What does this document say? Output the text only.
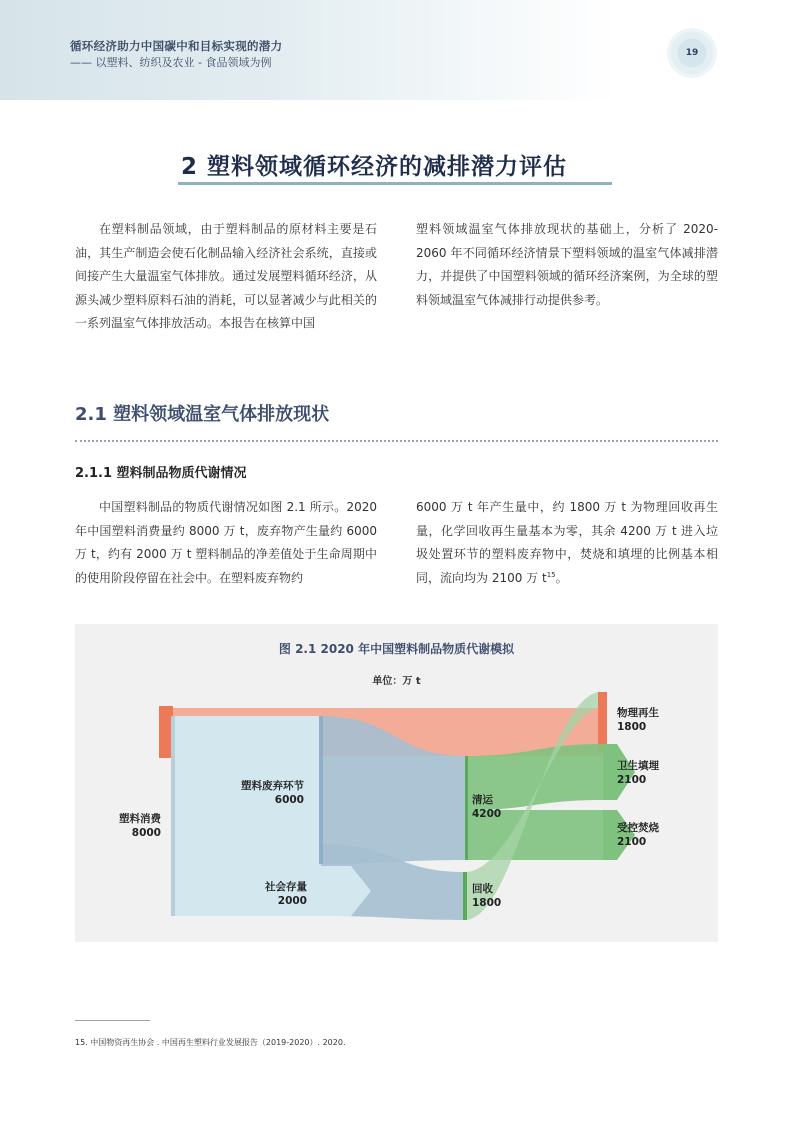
循环经济助力中国碳中和目标实现的潜力
—— 以塑料、纺织及农业 - 食品领域为例
19
2 塑料领域循环经济的减排潜力评估

在塑料制品领域，由于塑料制品的原材料主要是石油，其生产制造会使石化制品输入经济社会系统，直接或间接产生大量温室气体排放。通过发展塑料循环经济，从源头减少塑料原料石油的消耗，可以显著减少与此相关的一系列温室气体排放活动。本报告在核算中国

塑料领域温室气体排放现状的基础上，分析了 2020-2060 年不同循环经济情景下塑料领域的温室气体减排潜力，并提供了中国塑料领域的循环经济案例，为全球的塑料领域温室气体减排行动提供参考。

2.1 塑料领域温室气体排放现状
2.1.1 塑料制品物质代谢情况

中国塑料制品的物质代谢情况如图 2.1 所示。2020 年中国塑料消费量约 8000 万 t，废弃物产生量约 6000 万 t，约有 2000 万 t 塑料制品的净差值处于生命周期中的使用阶段停留在社会中。在塑料废弃物约

6000 万 t 年产生量中，约 1800 万 t 为物理回收再生量，化学回收再生量基本为零，其余 4200 万 t 进入垃圾处置环节的塑料废弃物中，焚烧和填埋的比例基本相同，流向均为 2100 万 $t^{15}$。

图 2.1 2020 年中国塑料制品物质代谢模拟
单位：万 t
塑料消费
8000
塑料废弃环节
6000
社会存量
2000
清运
4200
回收
1800
物理再生
1800
卫生填埋
2100
受控焚烧
2100
15. 中国物资再生协会 . 中国再生塑料行业发展报告（2019-2020）. 2020.
